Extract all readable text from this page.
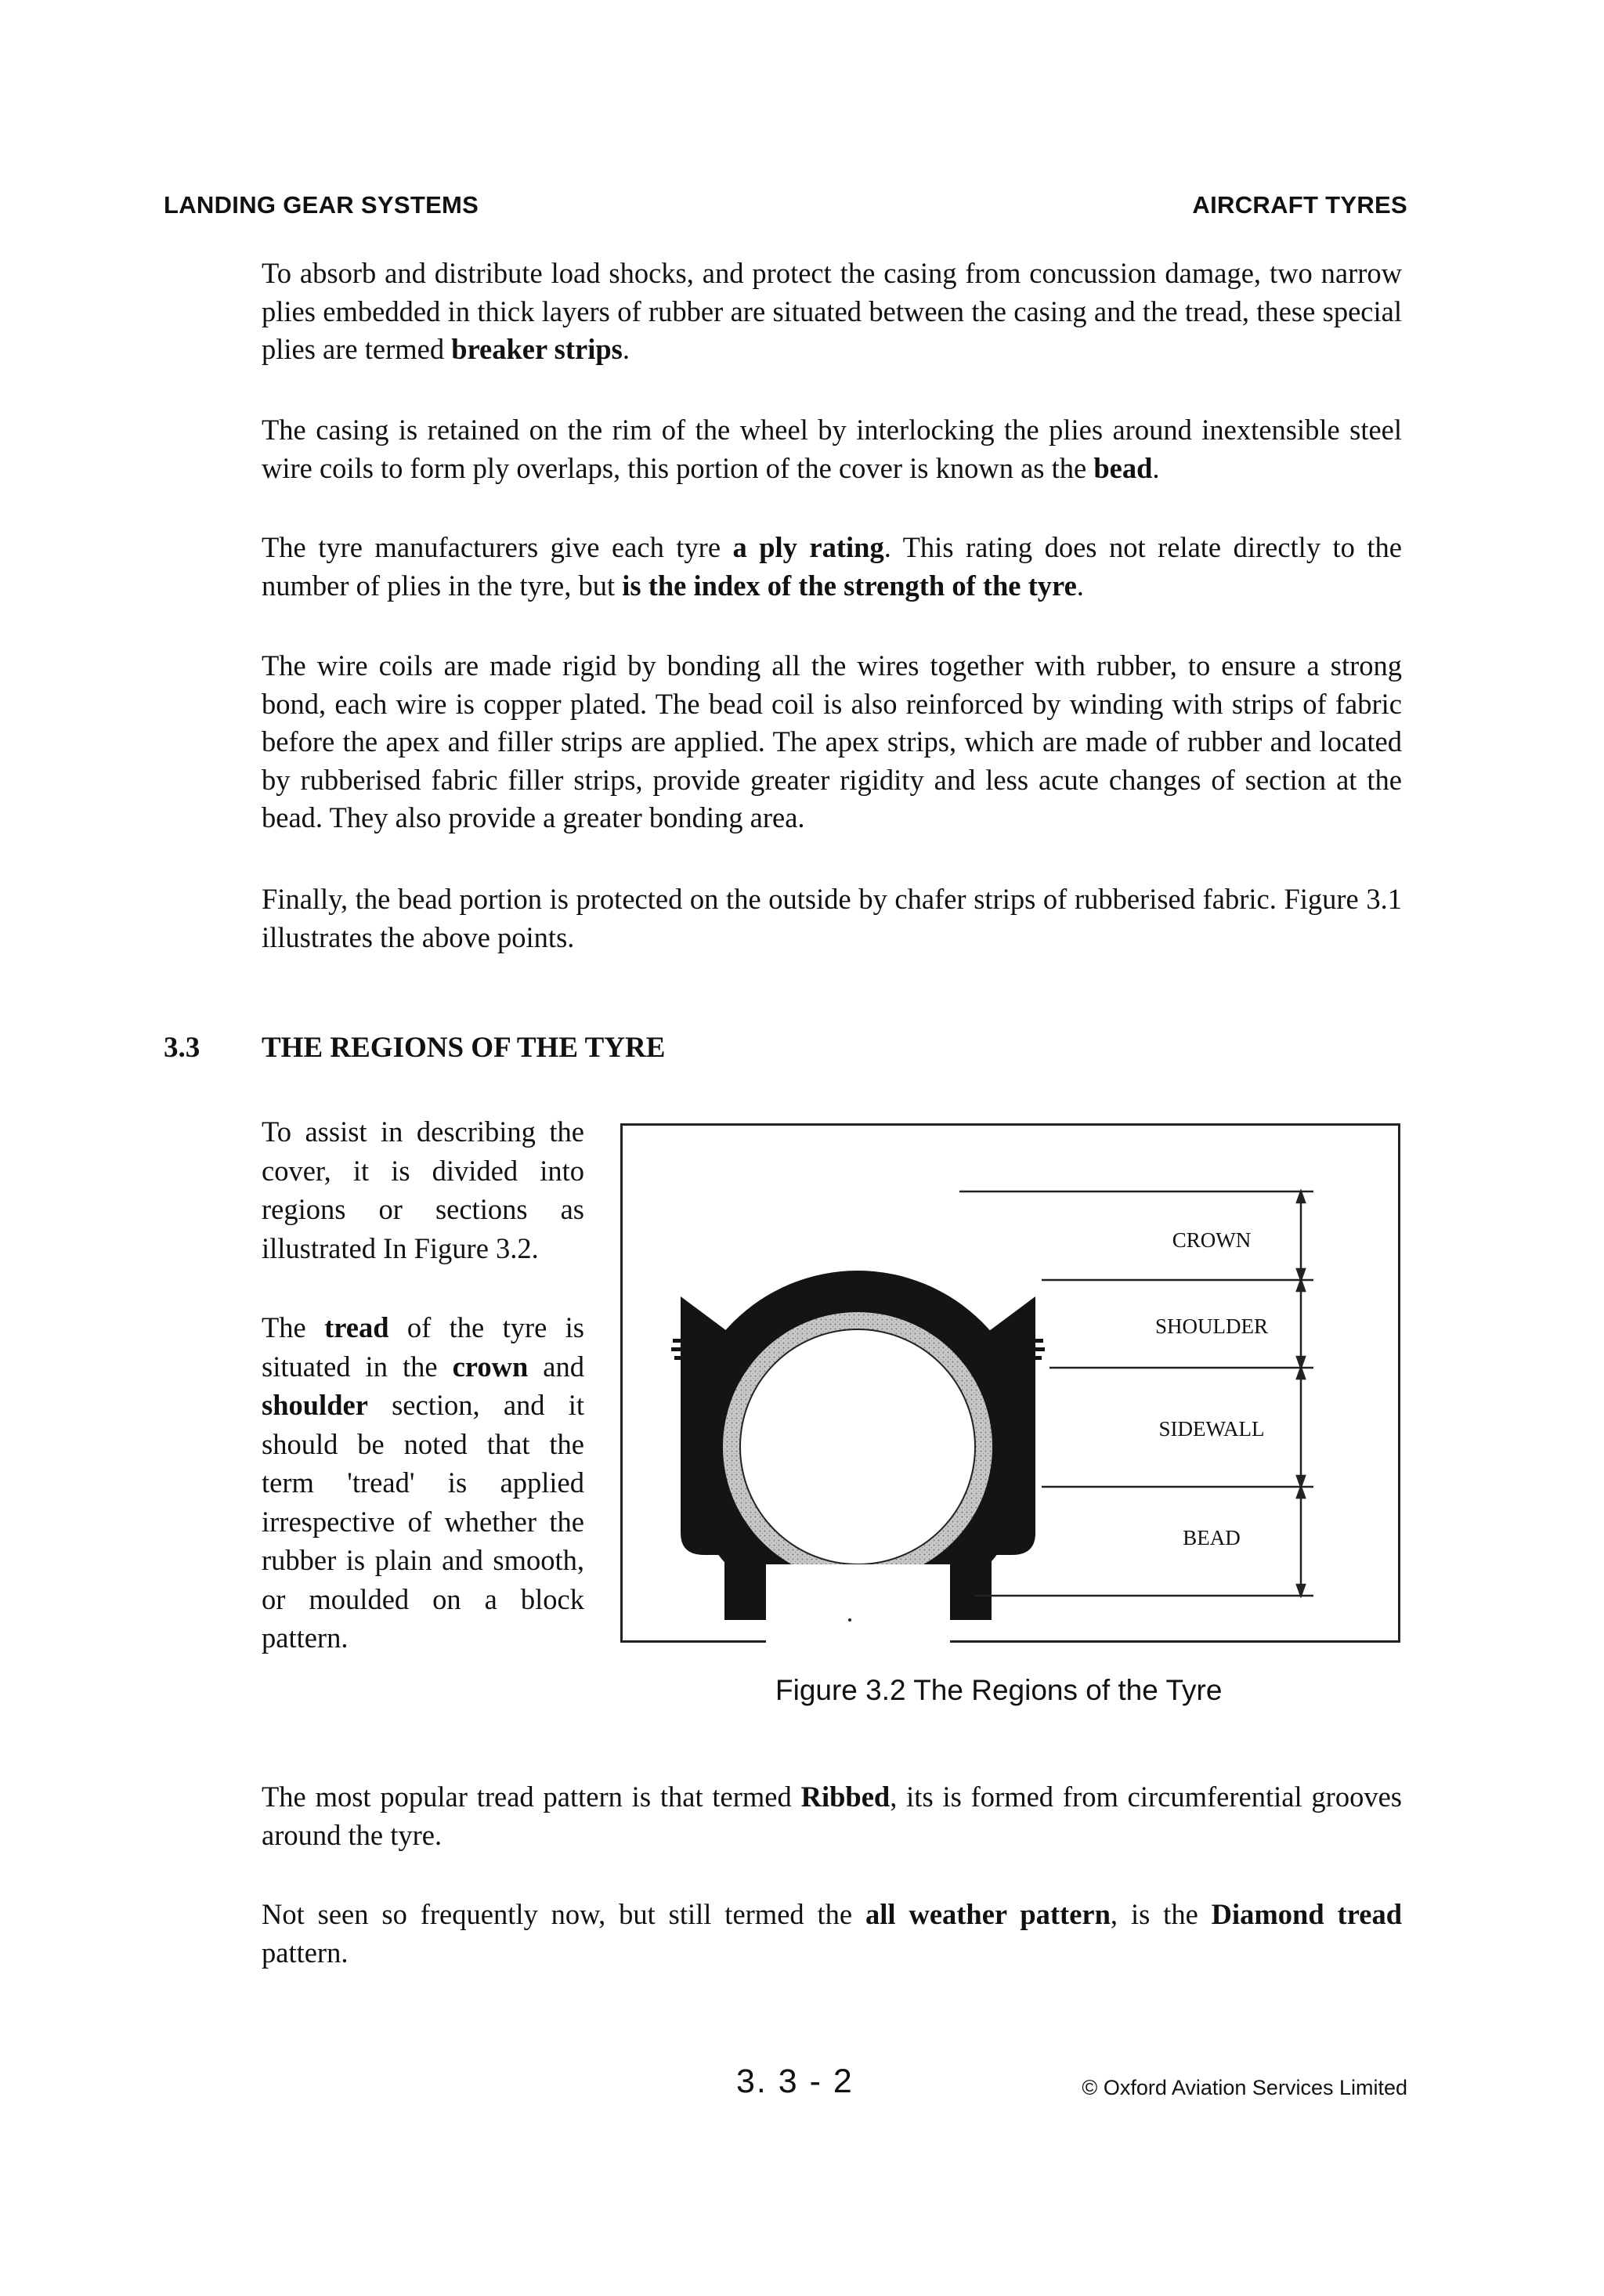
LANDING GEAR SYSTEMS	AIRCRAFT TYRES

To absorb and distribute load shocks, and protect the casing from concussion damage, two narrow plies embedded in thick layers of rubber are situated between the casing and the tread, these special plies are termed breaker strips.

The casing is retained on the rim of the wheel by interlocking the plies around inextensible steel wire coils to form ply overlaps, this portion of the cover is known as the bead.

The tyre manufacturers give each tyre a ply rating. This rating does not relate directly to the number of plies in the tyre, but is the index of the strength of the tyre.

The wire coils are made rigid by bonding all the wires together with rubber, to ensure a strong bond, each wire is copper plated. The bead coil is also reinforced by winding with strips of fabric before the apex and filler strips are applied. The apex strips, which are made of rubber and located by rubberised fabric filler strips, provide greater rigidity and less acute changes of section at the bead. They also provide a greater bonding area.

Finally, the bead portion is protected on the outside by chafer strips of rubberised fabric. Figure 3.1 illustrates the above points.

3.3 THE REGIONS OF THE TYRE

To assist in describing the cover, it is divided into regions or sections as illustrated In Figure 3.2.

The tread of the tyre is situated in the crown and shoulder section, and it should be noted that the term 'tread' is applied irrespective of whether the rubber is plain and smooth, or moulded on a block pattern.

CROWN
SHOULDER
SIDEWALL
BEAD
Figure 3.2 The Regions of the Tyre

The most popular tread pattern is that termed Ribbed, its is formed from circumferential grooves around the tyre.

Not seen so frequently now, but still termed the all weather pattern, is the Diamond tread pattern.

3. 3 - 2	© Oxford Aviation Services Limited
